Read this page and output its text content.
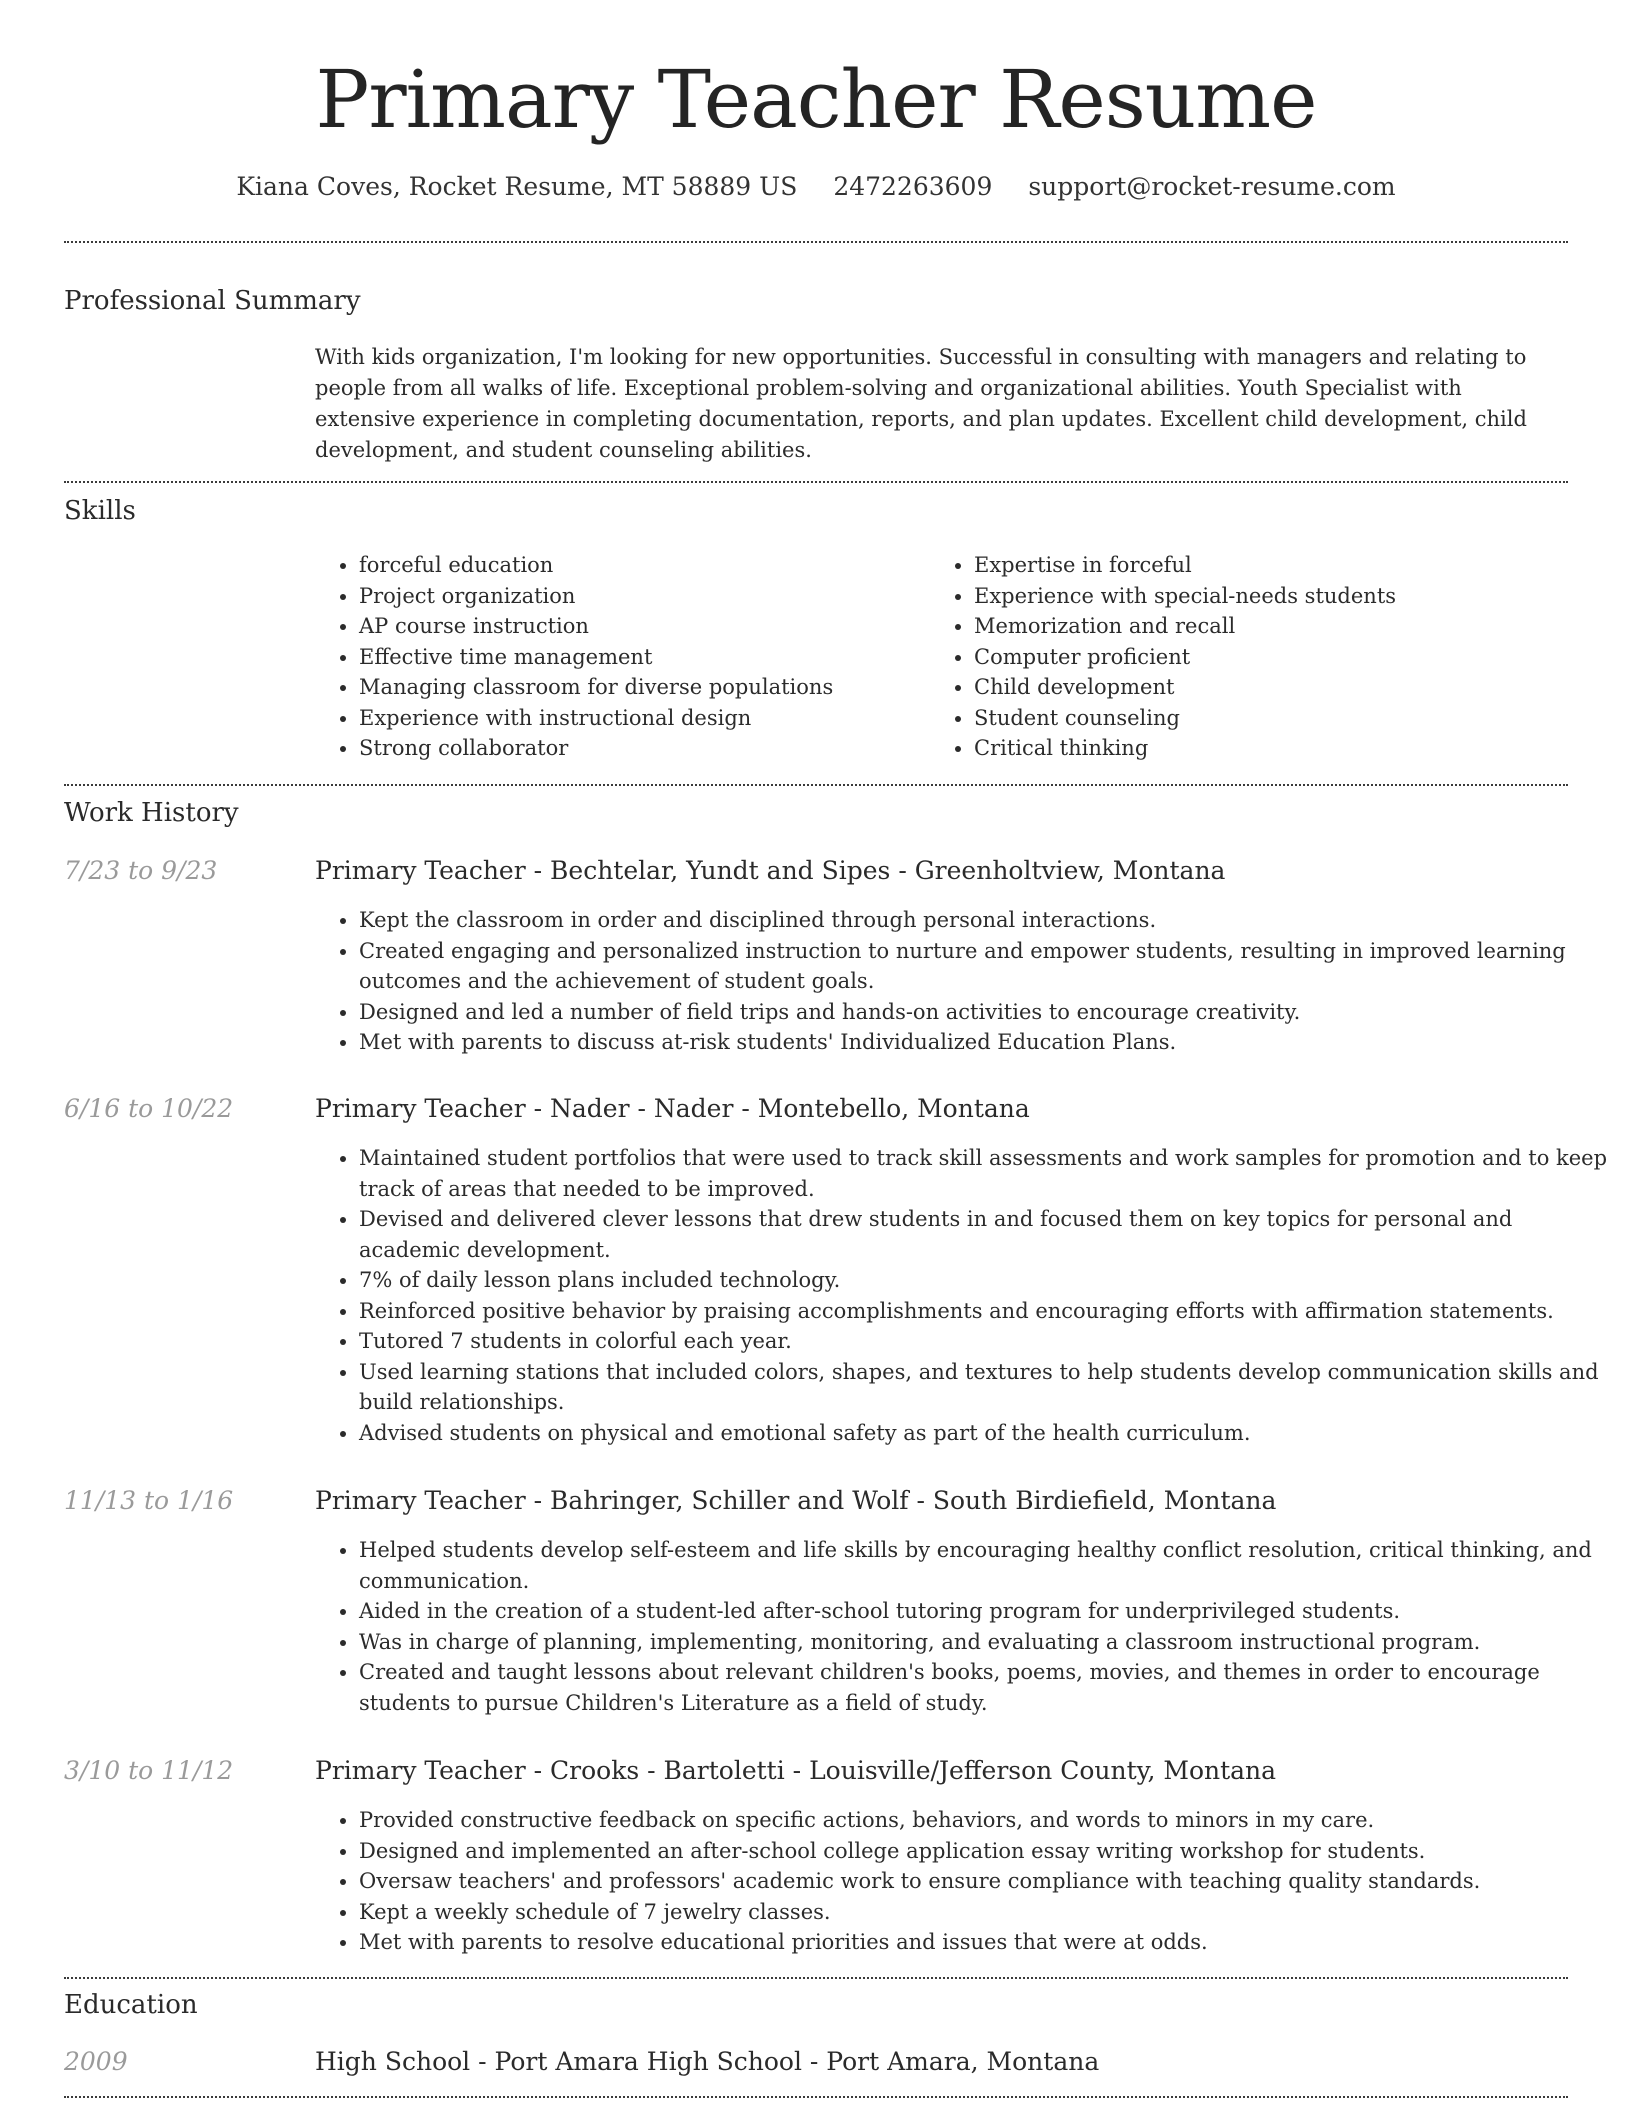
Primary Teacher Resume
Kiana Coves, Rocket Resume, MT 58889 US 2472263609 support@rocket-resume.com
Professional Summary
With kids organization, I'm looking for new opportunities. Successful in consulting with managers and relating to people from all walks of life. Exceptional problem-solving and organizational abilities. Youth Specialist with extensive experience in completing documentation, reports, and plan updates. Excellent child development, child development, and student counseling abilities.
Skills
• forceful education
• Project organization
• AP course instruction
• Effective time management
• Managing classroom for diverse populations
• Experience with instructional design
• Strong collaborator
• Expertise in forceful
• Experience with special-needs students
• Memorization and recall
• Computer proficient
• Child development
• Student counseling
• Critical thinking
Work History
7/23 to 9/23	Primary Teacher - Bechtelar, Yundt and Sipes - Greenholtview, Montana
• Kept the classroom in order and disciplined through personal interactions.
• Created engaging and personalized instruction to nurture and empower students, resulting in improved learning outcomes and the achievement of student goals.
• Designed and led a number of field trips and hands-on activities to encourage creativity.
• Met with parents to discuss at-risk students' Individualized Education Plans.
6/16 to 10/22	Primary Teacher - Nader - Nader - Montebello, Montana
• Maintained student portfolios that were used to track skill assessments and work samples for promotion and to keep track of areas that needed to be improved.
• Devised and delivered clever lessons that drew students in and focused them on key topics for personal and academic development.
• 7% of daily lesson plans included technology.
• Reinforced positive behavior by praising accomplishments and encouraging efforts with affirmation statements.
• Tutored 7 students in colorful each year.
• Used learning stations that included colors, shapes, and textures to help students develop communication skills and build relationships.
• Advised students on physical and emotional safety as part of the health curriculum.
11/13 to 1/16	Primary Teacher - Bahringer, Schiller and Wolf - South Birdiefield, Montana
• Helped students develop self-esteem and life skills by encouraging healthy conflict resolution, critical thinking, and communication.
• Aided in the creation of a student-led after-school tutoring program for underprivileged students.
• Was in charge of planning, implementing, monitoring, and evaluating a classroom instructional program.
• Created and taught lessons about relevant children's books, poems, movies, and themes in order to encourage students to pursue Children's Literature as a field of study.
3/10 to 11/12	Primary Teacher - Crooks - Bartoletti - Louisville/Jefferson County, Montana
• Provided constructive feedback on specific actions, behaviors, and words to minors in my care.
• Designed and implemented an after-school college application essay writing workshop for students.
• Oversaw teachers' and professors' academic work to ensure compliance with teaching quality standards.
• Kept a weekly schedule of 7 jewelry classes.
• Met with parents to resolve educational priorities and issues that were at odds.
Education
2009	High School - Port Amara High School - Port Amara, Montana
